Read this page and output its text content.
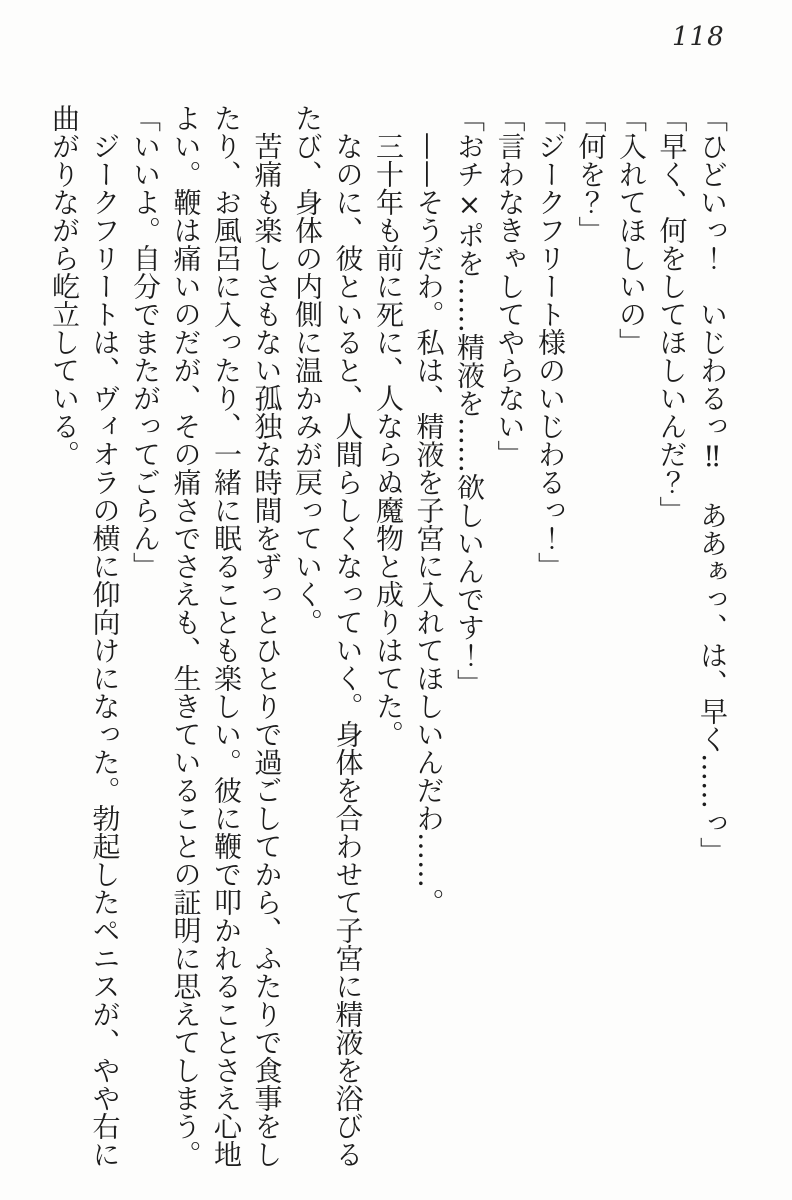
118

「ひどいっ！　いじわるっ‼　ああぁっ、は、早く……っ」

「早く、何をしてほしいんだ？」

「入れてほしいの」

「何を？」

「ジークフリート様のいじわるっ！」

「言わなきゃしてやらない」

「おチ×ポを……精液を……欲しいんです！」

——そうだわ。私は、精液を子宮に入れてほしいんだわ……。

三十年も前に死に、人ならぬ魔物と成りはてた。

なのに、彼といると、人間らしくなっていく。身体を合わせて子宮に精液を浴びる

たび、身体の内側に温かみが戻っていく。

苦痛も楽しさもない孤独な時間をずっとひとりで過ごしてから、ふたりで食事をし

たり、お風呂に入ったり、一緒に眠ることも楽しい。彼に鞭で叩かれることさえ心地

よい。鞭は痛いのだが、その痛さでさえも、生きていることの証明に思えてしまう。

「いいよ。自分でまたがってごらん」

ジークフリートは、ヴィオラの横に仰向けになった。勃起したペニスが、やや右に

曲がりながら屹立している。
